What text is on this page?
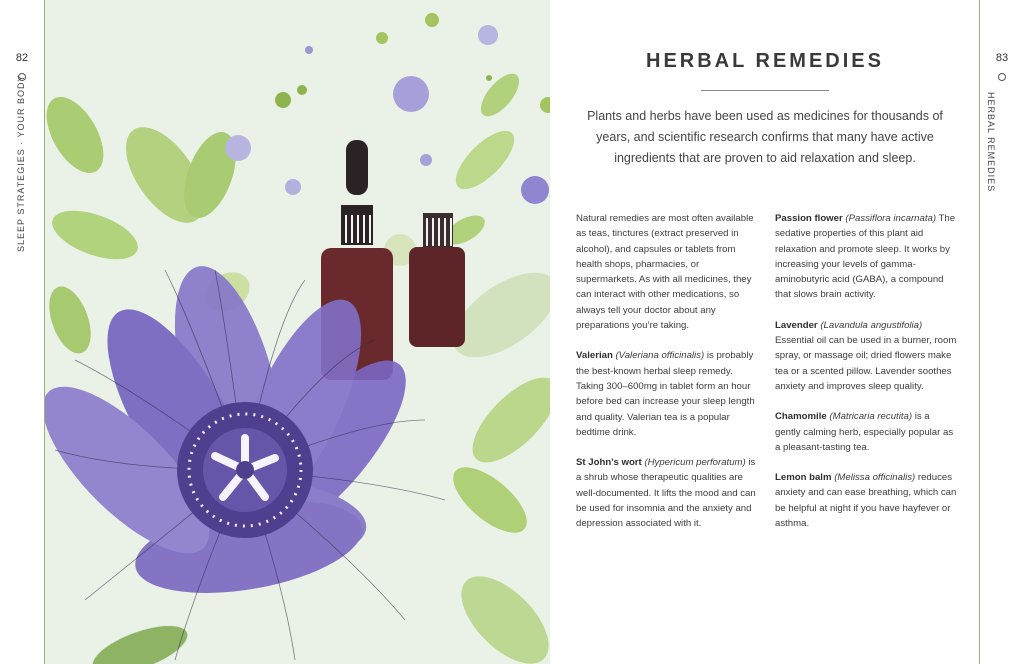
82
SLEEP STRATEGIES · YOUR BODY
HERBAL REMEDIES
Plants and herbs have been used as medicines for thousands of years, and scientific research confirms that many have active ingredients that are proven to aid relaxation and sleep.

Natural remedies are most often available as teas, tinctures (extract preserved in alcohol), and capsules or tablets from health shops, pharmacies, or supermarkets. As with all medicines, they can interact with other medications, so always tell your doctor about any preparations you’re taking.

Valerian (Valeriana officinalis) is probably the best-known herbal sleep remedy. Taking 300–600mg in tablet form an hour before bed can increase your sleep length and quality. Valerian tea is a popular bedtime drink.

St John’s wort (Hypericum perforatum) is a shrub whose therapeutic qualities are well-documented. It lifts the mood and can be used for insomnia and the anxiety and depression associated with it.

Passion flower (Passiflora incarnata) The sedative properties of this plant aid relaxation and promote sleep. It works by increasing your levels of gamma-aminobutyric acid (GABA), a compound that slows brain activity.

Lavender (Lavandula angustifolia) Essential oil can be used in a burner, room spray, or massage oil; dried flowers make tea or a scented pillow. Lavender soothes anxiety and improves sleep quality.

Chamomile (Matricaria recutita) is a gently calming herb, especially popular as a pleasant-tasting tea.

Lemon balm (Melissa officinalis) reduces anxiety and can ease breathing, which can be helpful at night if you have hayfever or asthma.

83
HERBAL REMEDIES
